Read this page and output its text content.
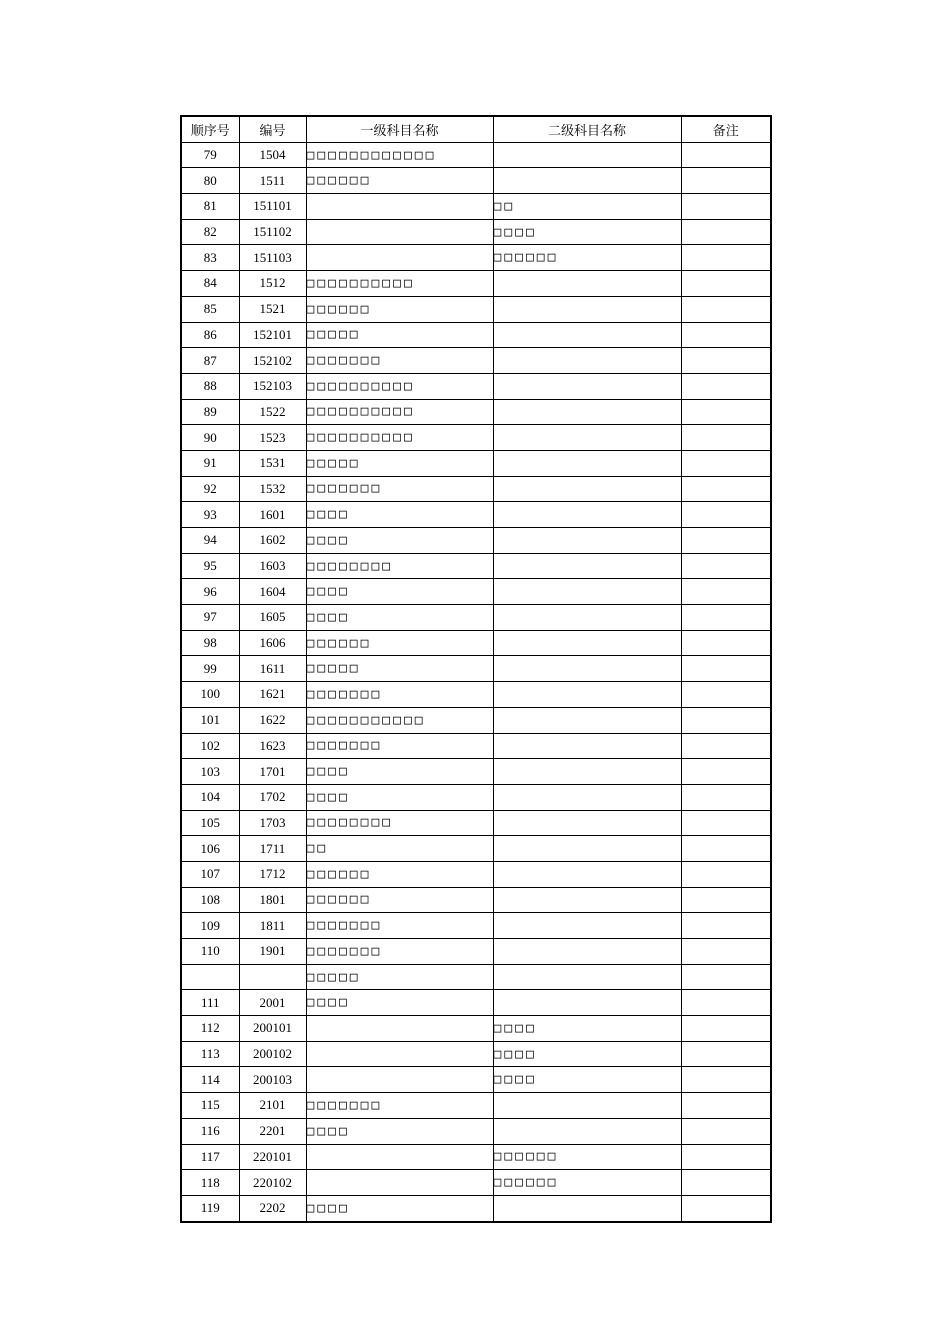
顺序号	编号	一级科目名称	二级科目名称	备注
79	1504	□□□□□□□□□□□□		
80	1511	□□□□□□		
81	151101		□□	
82	151102		□□□□	
83	151103		□□□□□□	
84	1512	□□□□□□□□□□		
85	1521	□□□□□□		
86	152101	□□□□□		
87	152102	□□□□□□□		
88	152103	□□□□□□□□□□		
89	1522	□□□□□□□□□□		
90	1523	□□□□□□□□□□		
91	1531	□□□□□		
92	1532	□□□□□□□		
93	1601	□□□□		
94	1602	□□□□		
95	1603	□□□□□□□□		
96	1604	□□□□		
97	1605	□□□□		
98	1606	□□□□□□		
99	1611	□□□□□		
100	1621	□□□□□□□		
101	1622	□□□□□□□□□□□		
102	1623	□□□□□□□		
103	1701	□□□□		
104	1702	□□□□		
105	1703	□□□□□□□□		
106	1711	□□		
107	1712	□□□□□□		
108	1801	□□□□□□		
109	1811	□□□□□□□		
110	1901	□□□□□□□		
		□□□□□		
111	2001	□□□□		
112	200101		□□□□	
113	200102		□□□□	
114	200103		□□□□	
115	2101	□□□□□□□		
116	2201	□□□□		
117	220101		□□□□□□	
118	220102		□□□□□□	
119	2202	□□□□		
